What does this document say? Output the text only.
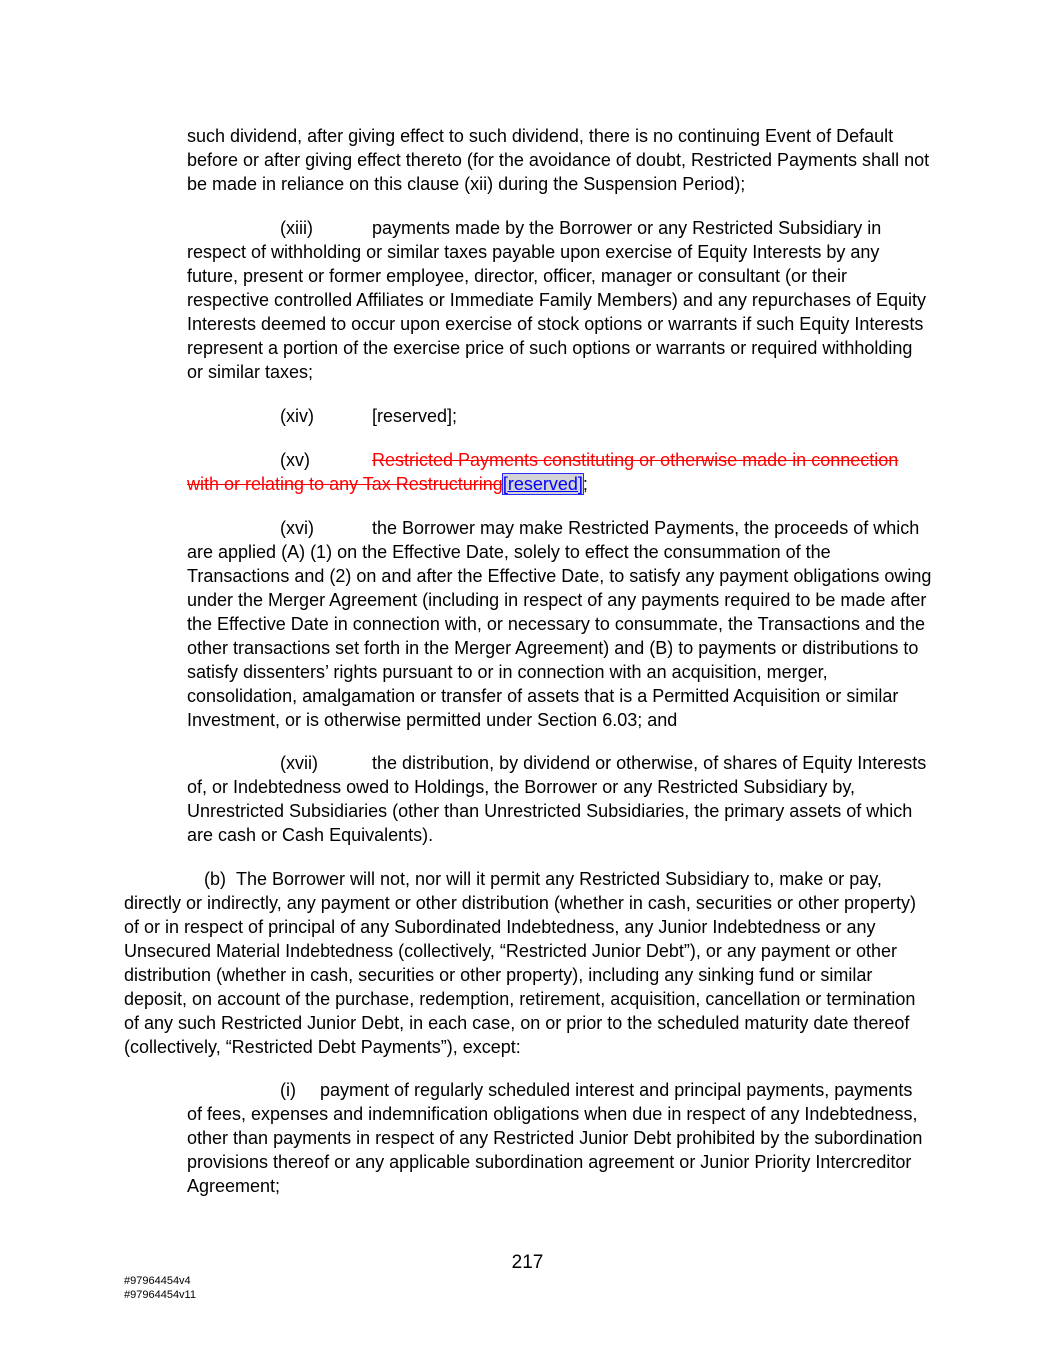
such dividend, after giving effect to such dividend, there is no continuing Event of Default before or after giving effect thereto (for the avoidance of doubt, Restricted Payments shall not be made in reliance on this clause (xii) during the Suspension Period);

(xiii)	payments made by the Borrower or any Restricted Subsidiary in respect of withholding or similar taxes payable upon exercise of Equity Interests by any future, present or former employee, director, officer, manager or consultant (or their respective controlled Affiliates or Immediate Family Members) and any repurchases of Equity Interests deemed to occur upon exercise of stock options or warrants if such Equity Interests represent a portion of the exercise price of such options or warrants or required withholding or similar taxes;

(xiv)	[reserved];

(xv)	Restricted Payments constituting or otherwise made in connection with or relating to any Tax Restructuring[reserved];

(xvi)	the Borrower may make Restricted Payments, the proceeds of which are applied (A) (1) on the Effective Date, solely to effect the consummation of the Transactions and (2) on and after the Effective Date, to satisfy any payment obligations owing under the Merger Agreement (including in respect of any payments required to be made after the Effective Date in connection with, or necessary to consummate, the Transactions and the other transactions set forth in the Merger Agreement) and (B) to payments or distributions to satisfy dissenters’ rights pursuant to or in connection with an acquisition, merger, consolidation, amalgamation or transfer of assets that is a Permitted Acquisition or similar Investment, or is otherwise permitted under Section 6.03; and

(xvii)	the distribution, by dividend or otherwise, of shares of Equity Interests of, or Indebtedness owed to Holdings, the Borrower or any Restricted Subsidiary by, Unrestricted Subsidiaries (other than Unrestricted Subsidiaries, the primary assets of which are cash or Cash Equivalents).

(b) The Borrower will not, nor will it permit any Restricted Subsidiary to, make or pay, directly or indirectly, any payment or other distribution (whether in cash, securities or other property) of or in respect of principal of any Subordinated Indebtedness, any Junior Indebtedness or any Unsecured Material Indebtedness (collectively, “Restricted Junior Debt”), or any payment or other distribution (whether in cash, securities or other property), including any sinking fund or similar deposit, on account of the purchase, redemption, retirement, acquisition, cancellation or termination of any such Restricted Junior Debt, in each case, on or prior to the scheduled maturity date thereof (collectively, “Restricted Debt Payments”), except:

(i) payment of regularly scheduled interest and principal payments, payments of fees, expenses and indemnification obligations when due in respect of any Indebtedness, other than payments in respect of any Restricted Junior Debt prohibited by the subordination provisions thereof or any applicable subordination agreement or Junior Priority Intercreditor Agreement;

217
#97964454v4
#97964454v11
